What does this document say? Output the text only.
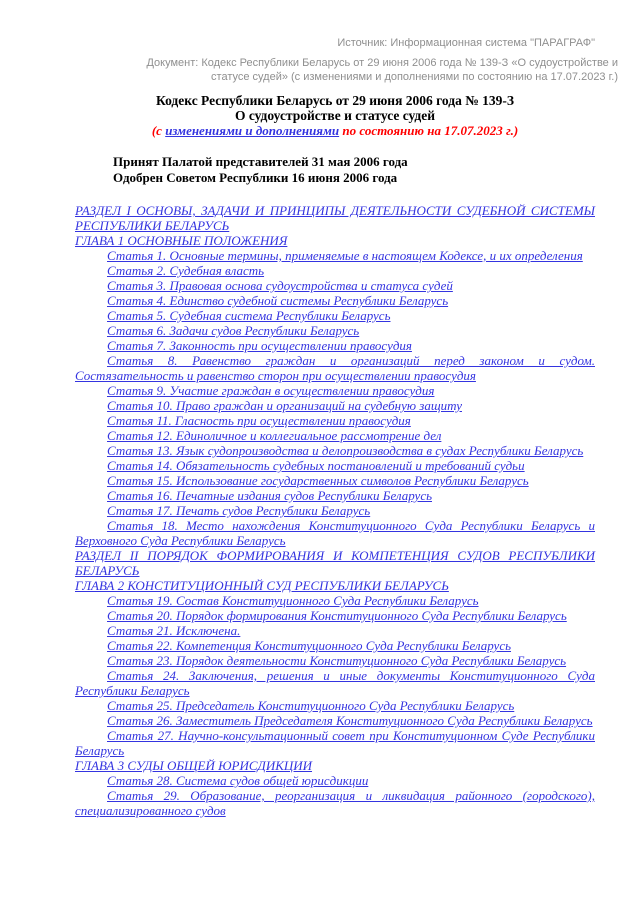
Источник: Информационная система "ПАРАГРАФ"
Документ: Кодекс Республики Беларусь от 29 июня 2006 года № 139-З «О судоустройстве и
статусе судей» (с изменениями и дополнениями по состоянию на 17.07.2023 г.)
Кодекс Республики Беларусь от 29 июня 2006 года № 139-З
О судоустройстве и статусе судей
(с изменениями и дополнениями по состоянию на 17.07.2023 г.)
Принят Палатой представителей 31 мая 2006 года
Одобрен Советом Республики 16 июня 2006 года
РАЗДЕЛ I ОСНОВЫ, ЗАДАЧИ И ПРИНЦИПЫ ДЕЯТЕЛЬНОСТИ СУДЕБНОЙ СИСТЕМЫ РЕСПУБЛИКИ БЕЛАРУСЬ
ГЛАВА 1 ОСНОВНЫЕ ПОЛОЖЕНИЯ
Статья 1. Основные термины, применяемые в настоящем Кодексе, и их определения
Статья 2. Судебная власть
Статья 3. Правовая основа судоустройства и статуса судей
Статья 4. Единство судебной системы Республики Беларусь
Статья 5. Судебная система Республики Беларусь
Статья 6. Задачи судов Республики Беларусь
Статья 7. Законность при осуществлении правосудия
Статья 8. Равенство граждан и организаций перед законом и судом. Состязательность и равенство сторон при осуществлении правосудия
Статья 9. Участие граждан в осуществлении правосудия
Статья 10. Право граждан и организаций на судебную защиту
Статья 11. Гласность при осуществлении правосудия
Статья 12. Единоличное и коллегиальное рассмотрение дел
Статья 13. Язык судопроизводства и делопроизводства в судах Республики Беларусь
Статья 14. Обязательность судебных постановлений и требований судьи
Статья 15. Использование государственных символов Республики Беларусь
Статья 16. Печатные издания судов Республики Беларусь
Статья 17. Печать судов Республики Беларусь
Статья 18. Место нахождения Конституционного Суда Республики Беларусь и Верховного Суда Республики Беларусь
РАЗДЕЛ II ПОРЯДОК ФОРМИРОВАНИЯ И КОМПЕТЕНЦИЯ СУДОВ РЕСПУБЛИКИ БЕЛАРУСЬ
ГЛАВА 2 КОНСТИТУЦИОННЫЙ СУД РЕСПУБЛИКИ БЕЛАРУСЬ
Статья 19. Состав Конституционного Суда Республики Беларусь
Статья 20. Порядок формирования Конституционного Суда Республики Беларусь
Статья 21. Исключена.
Статья 22. Компетенция Конституционного Суда Республики Беларусь
Статья 23. Порядок деятельности Конституционного Суда Республики Беларусь
Статья 24. Заключения, решения и иные документы Конституционного Суда Республики Беларусь
Статья 25. Председатель Конституционного Суда Республики Беларусь
Статья 26. Заместитель Председателя Конституционного Суда Республики Беларусь
Статья 27. Научно-консультационный совет при Конституционном Суде Республики Беларусь
ГЛАВА 3 СУДЫ ОБЩЕЙ ЮРИСДИКЦИИ
Статья 28. Система судов общей юрисдикции
Статья 29. Образование, реорганизация и ликвидация районного (городского), специализированного судов
